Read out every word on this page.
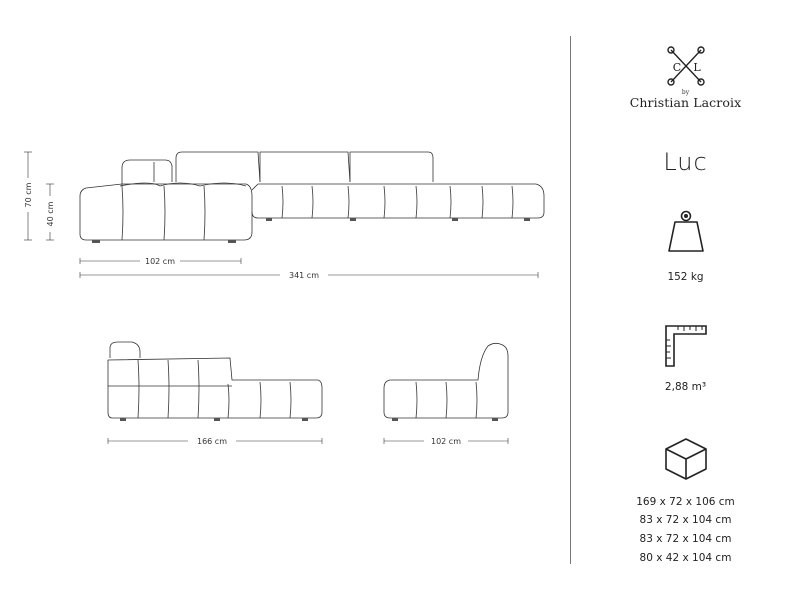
70 cm
40 cm
102 cm
341 cm
166 cm	102 cm
C L
by
Christian Lacroix
Luc
152 kg
2,88 m³
169 x 72 x 106 cm
83 x 72 x 104 cm
83 x 72 x 104 cm
80 x 42 x 104 cm
